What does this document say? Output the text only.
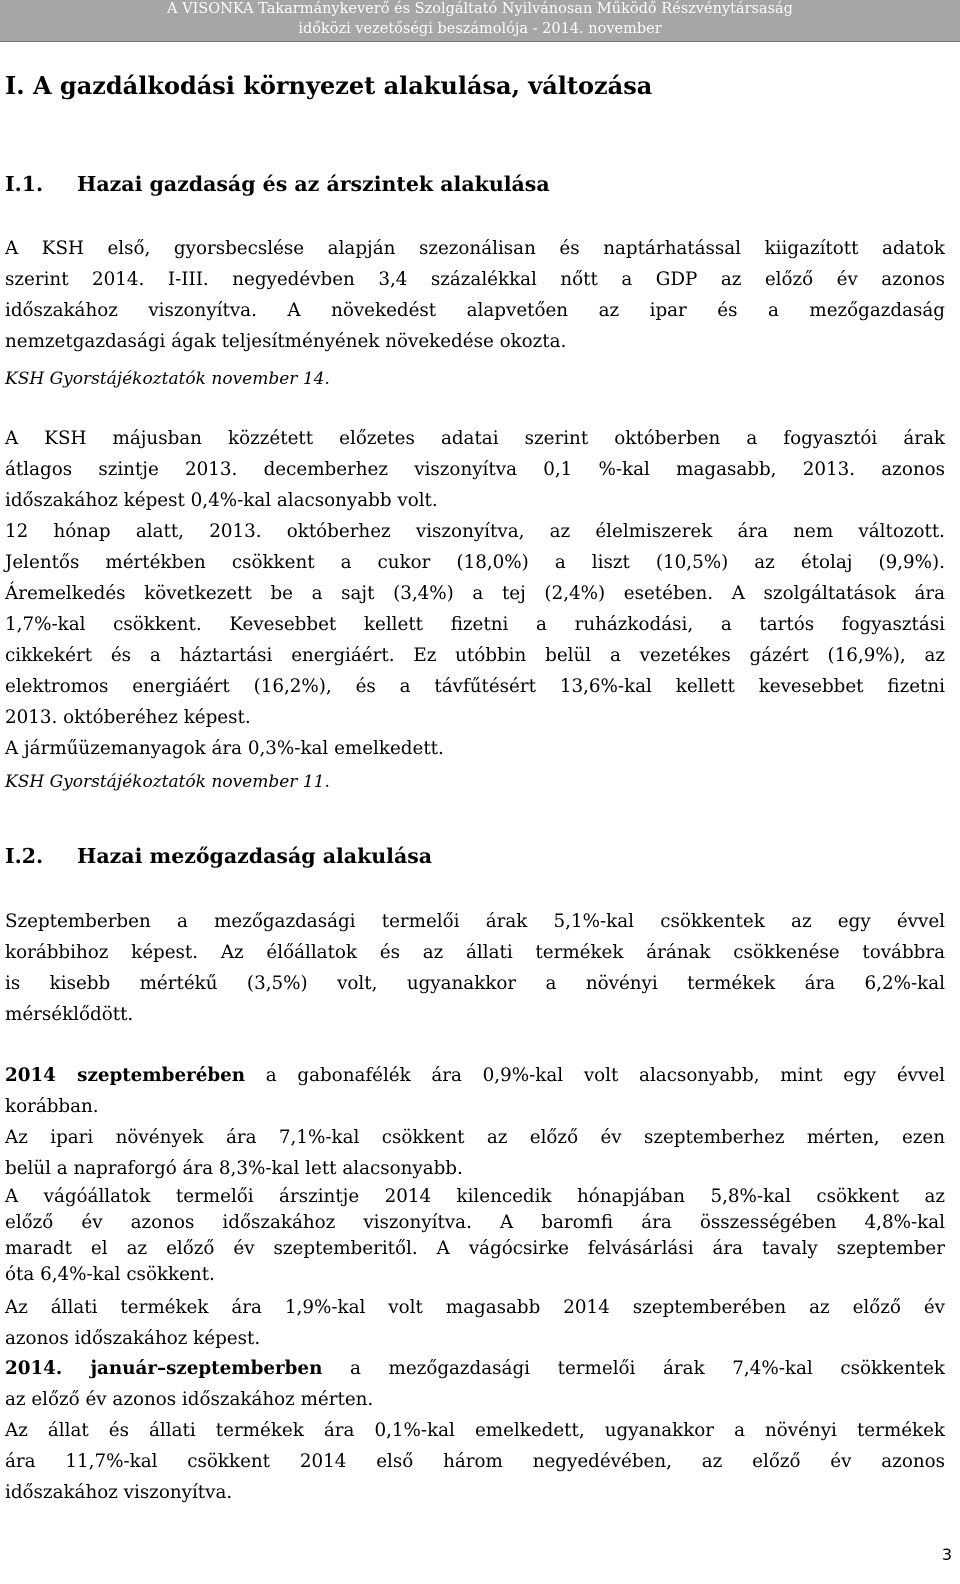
A VISONKA Takarmánykeverő és Szolgáltató Nyilvánosan Működő Részvénytársaság
időközi vezetőségi beszámolója - 2014. november
I. A gazdálkodási környezet alakulása, változása
I.1. Hazai gazdaság és az árszintek alakulása
A KSH első, gyorsbecslése alapján szezonálisan és naptárhatással kiigazított adatok
szerint 2014. I-III. negyedévben 3,4 százalékkal nőtt a GDP az előző év azonos
időszakához viszonyítva. A növekedést alapvetően az ipar és a mezőgazdaság
nemzetgazdasági ágak teljesítményének növekedése okozta.
KSH Gyorstájékoztatók november 14.
A KSH májusban közzétett előzetes adatai szerint októberben a fogyasztói árak
átlagos szintje 2013. decemberhez viszonyítva 0,1 %-kal magasabb, 2013. azonos
időszakához képest 0,4%-kal alacsonyabb volt.
12 hónap alatt, 2013. októberhez viszonyítva, az élelmiszerek ára nem változott.
Jelentős mértékben csökkent a cukor (18,0%) a liszt (10,5%) az étolaj (9,9%).
Áremelkedés következett be a sajt (3,4%) a tej (2,4%) esetében. A szolgáltatások ára
1,7%-kal csökkent. Kevesebbet kellett fizetni a ruházkodási, a tartós fogyasztási
cikkekért és a háztartási energiáért. Ez utóbbin belül a vezetékes gázért (16,9%), az
elektromos energiáért (16,2%), és a távfűtésért 13,6%-kal kellett kevesebbet fizetni
2013. októberéhez képest.
A járműüzemanyagok ára 0,3%-kal emelkedett.
KSH Gyorstájékoztatók november 11.
I.2. Hazai mezőgazdaság alakulása
Szeptemberben a mezőgazdasági termelői árak 5,1%-kal csökkentek az egy évvel
korábbihoz képest. Az élőállatok és az állati termékek árának csökkenése továbbra
is kisebb mértékű (3,5%) volt, ugyanakkor a növényi termékek ára 6,2%-kal
mérséklődött.
2014 szeptemberében a gabonafélék ára 0,9%-kal volt alacsonyabb, mint egy évvel
korábban.
Az ipari növények ára 7,1%-kal csökkent az előző év szeptemberhez mérten, ezen
belül a napraforgó ára 8,3%-kal lett alacsonyabb.
A vágóállatok termelői árszintje 2014 kilencedik hónapjában 5,8%-kal csökkent az
előző év azonos időszakához viszonyítva. A baromfi ára összességében 4,8%-kal
maradt el az előző év szeptemberitől. A vágócsirke felvásárlási ára tavaly szeptember
óta 6,4%-kal csökkent.
Az állati termékek ára 1,9%-kal volt magasabb 2014 szeptemberében az előző év
azonos időszakához képest.
2014. január–szeptemberben a mezőgazdasági termelői árak 7,4%-kal csökkentek
az előző év azonos időszakához mérten.
Az állat és állati termékek ára 0,1%-kal emelkedett, ugyanakkor a növényi termékek
ára 11,7%-kal csökkent 2014 első három negyedévében, az előző év azonos
időszakához viszonyítva.
3
